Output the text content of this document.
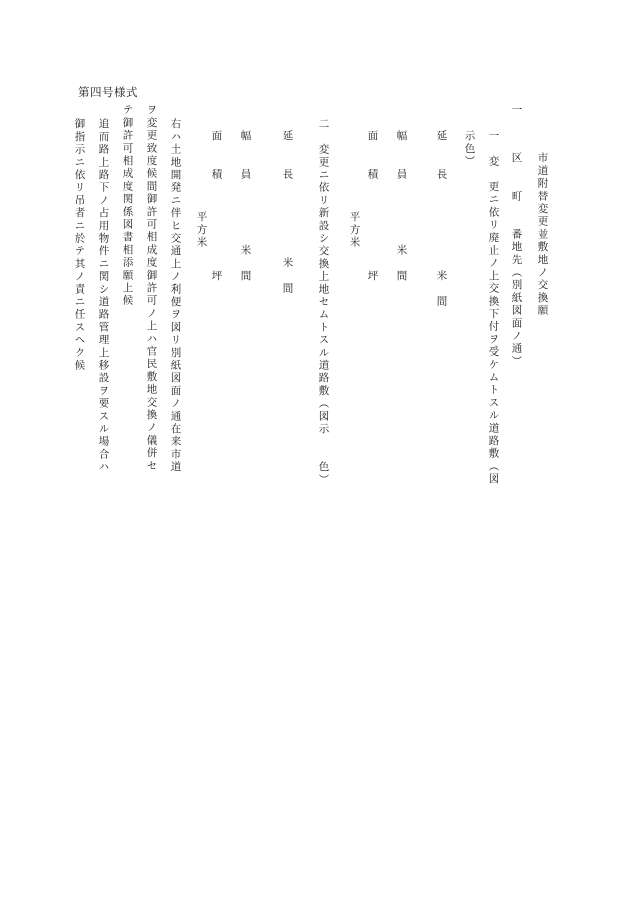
第四号様式
市道附替変更並敷地ノ交換願
一
区　　町　　番地先（別紙図面ノ通）
一　変　更ニ依リ廃止ノ上交換下付ヲ受ケムトスル道路敷（図
示色）
延　　長　　　　　　　米　間
幅　　員　　　　　米　間
面　　積　　　　　　　坪
平方米
二　変更ニ依リ新設シ交換上地セムトスル道路敷（図示　　色）
延　　長　　　　　　米　間
幅　　員　　　　　米　間
面　　積　　　　　　　坪
平方米
右ハ土地開発ニ伴ヒ交通上ノ利便ヲ図リ別紙図面ノ通在来市道
ヲ変更致度候間御許可相成度御許可ノ上ハ官民敷地交換ノ儀併セ
テ御許可相成度関係図書相添願上候
追而路上路下ノ占用物件ニ関シ道路管理上移設ヲ要スル場合ハ
御指示ニ依リ吊者ニ於テ其ノ責ニ任スヘク候
